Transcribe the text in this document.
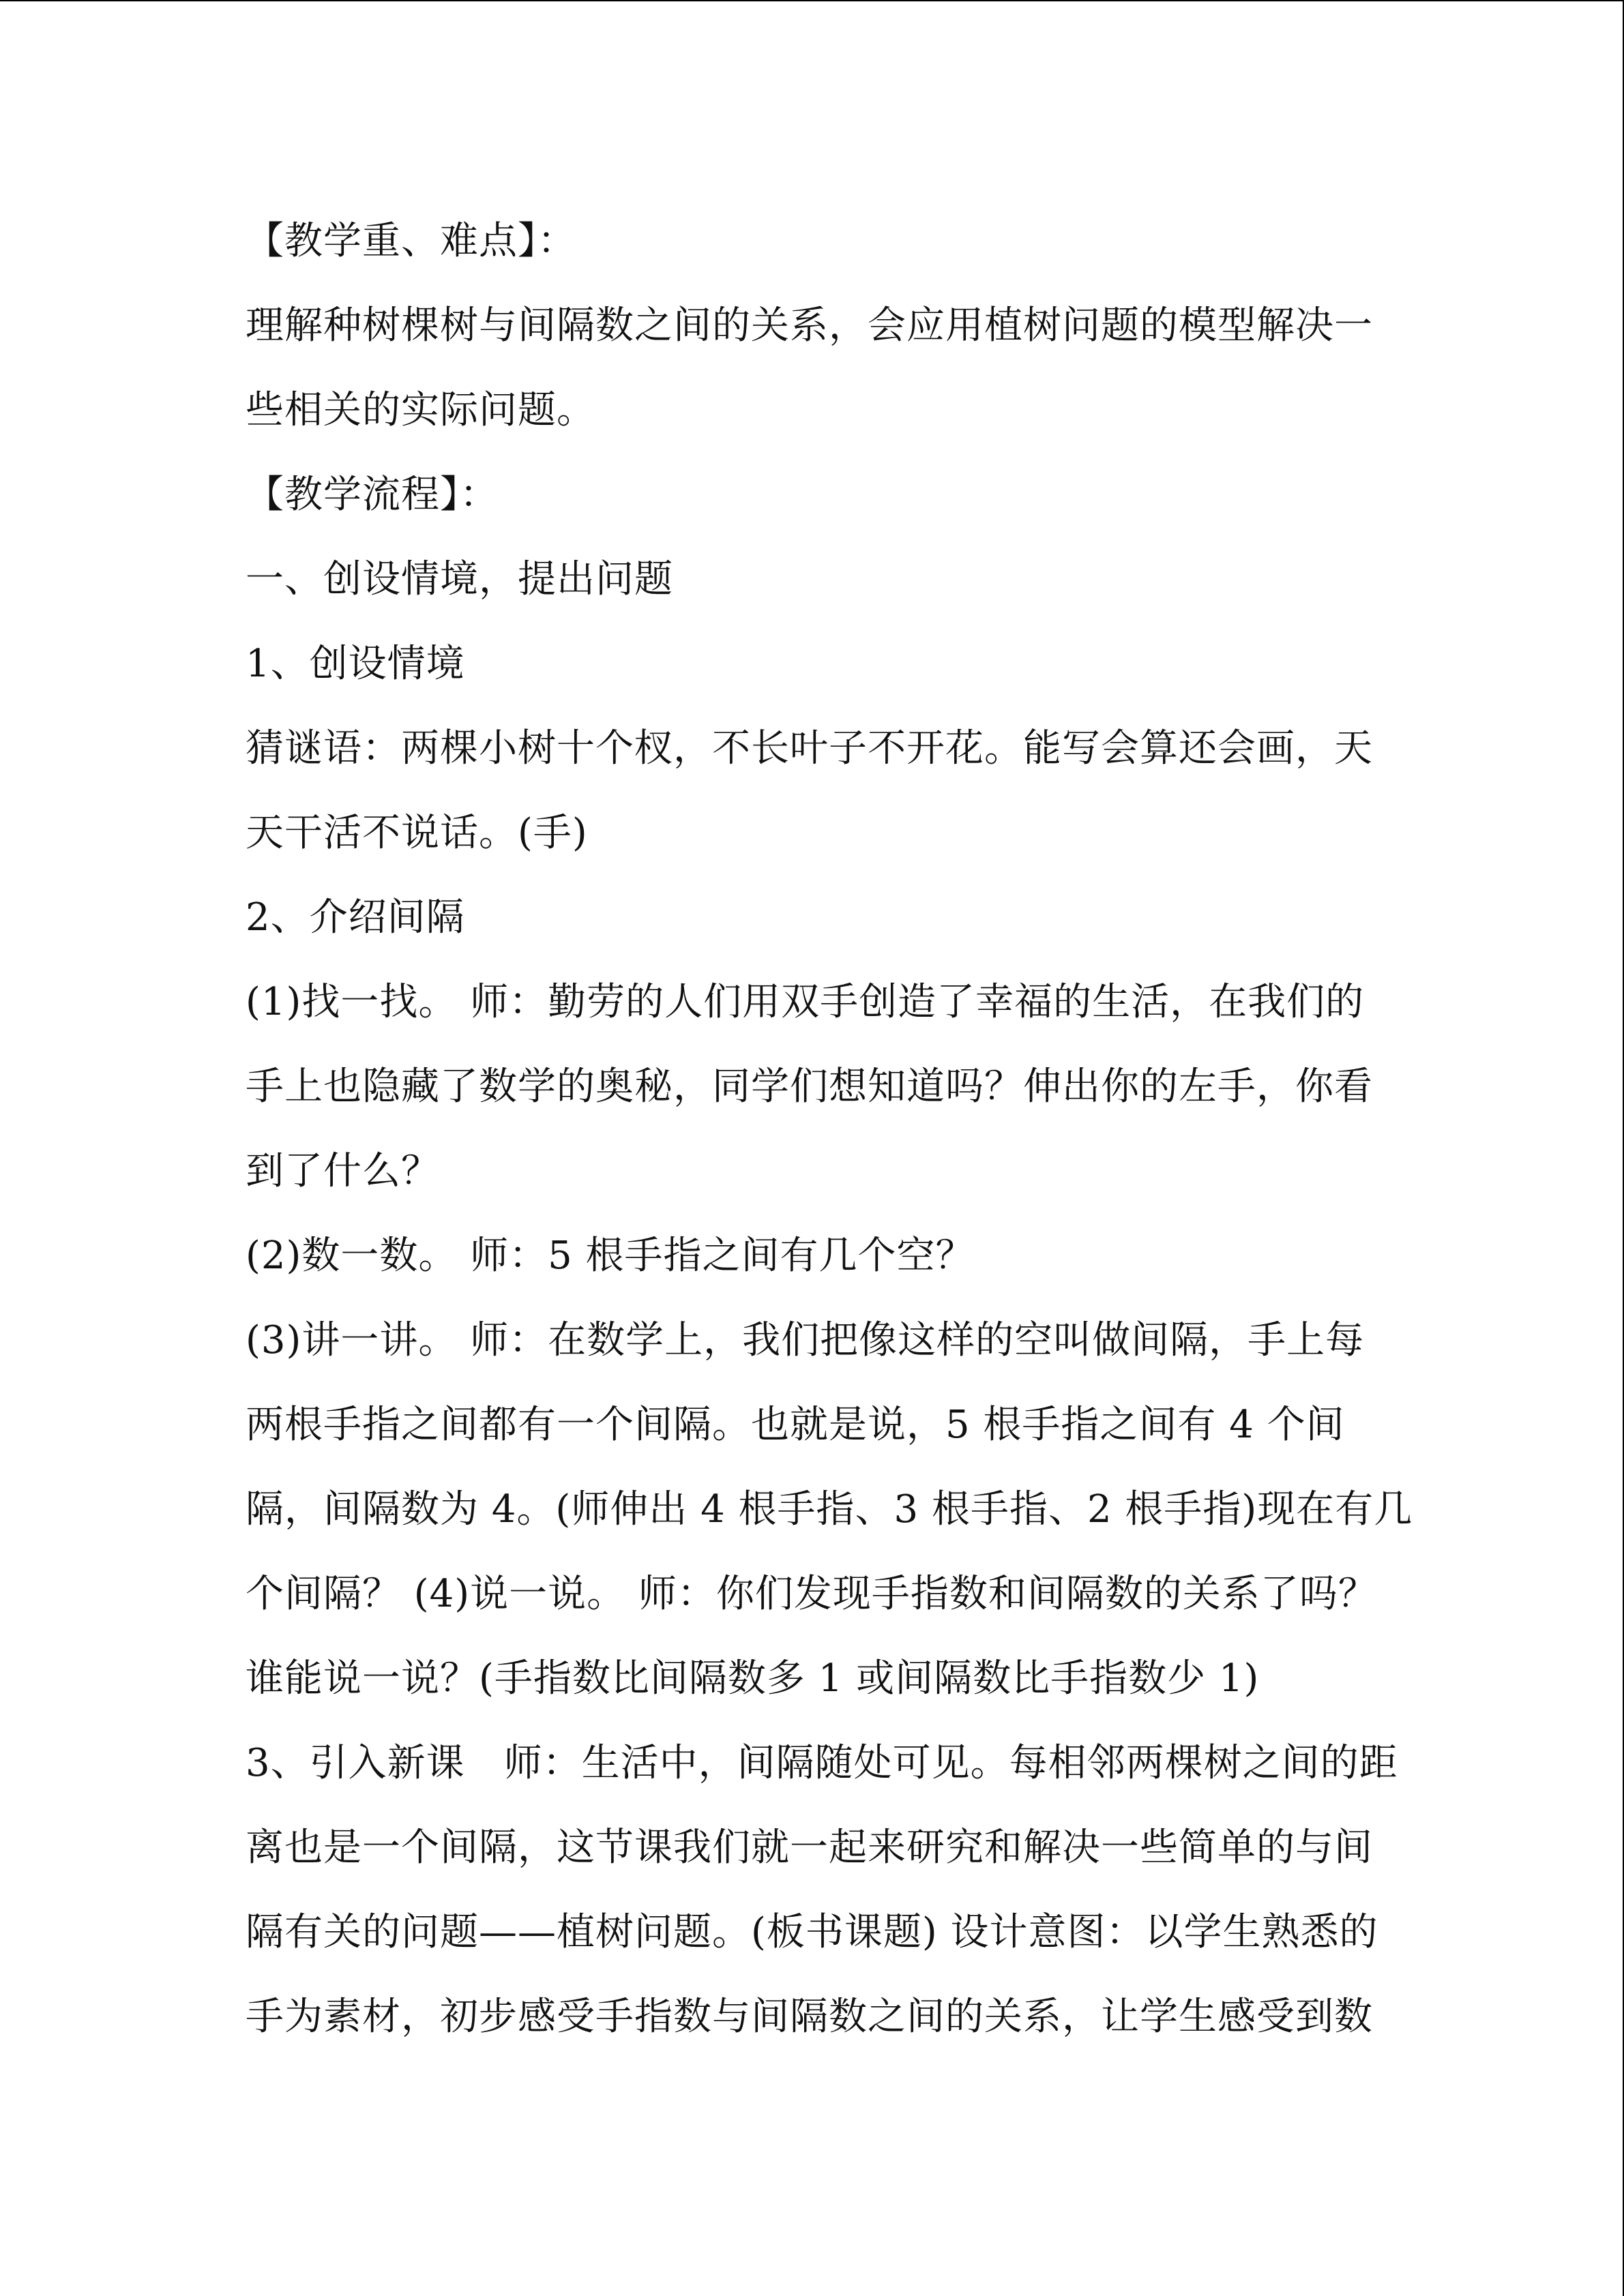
【教学重、难点】：
理解种树棵树与间隔数之间的关系，会应用植树问题的模型解决一
些相关的实际问题。
【教学流程】：
一、创设情境，提出问题
1、创设情境
猜谜语：两棵小树十个杈，不长叶子不开花。能写会算还会画，天
天干活不说话。(手)
2、介绍间隔
(1)找一找。 师：勤劳的人们用双手创造了幸福的生活，在我们的
手上也隐藏了数学的奥秘，同学们想知道吗？伸出你的左手，你看
到了什么？
(2)数一数。 师：5 根手指之间有几个空？
(3)讲一讲。 师：在数学上，我们把像这样的空叫做间隔，手上每
两根手指之间都有一个间隔。也就是说，5 根手指之间有 4 个间
隔，间隔数为 4。(师伸出 4 根手指、3 根手指、2 根手指)现在有几
个间隔？ (4)说一说。 师：你们发现手指数和间隔数的关系了吗？
谁能说一说？(手指数比间隔数多 1 或间隔数比手指数少 1)
3、引入新课　师：生活中，间隔随处可见。每相邻两棵树之间的距
离也是一个间隔，这节课我们就一起来研究和解决一些简单的与间
隔有关的问题——植树问题。(板书课题) 设计意图：以学生熟悉的
手为素材，初步感受手指数与间隔数之间的关系，让学生感受到数
